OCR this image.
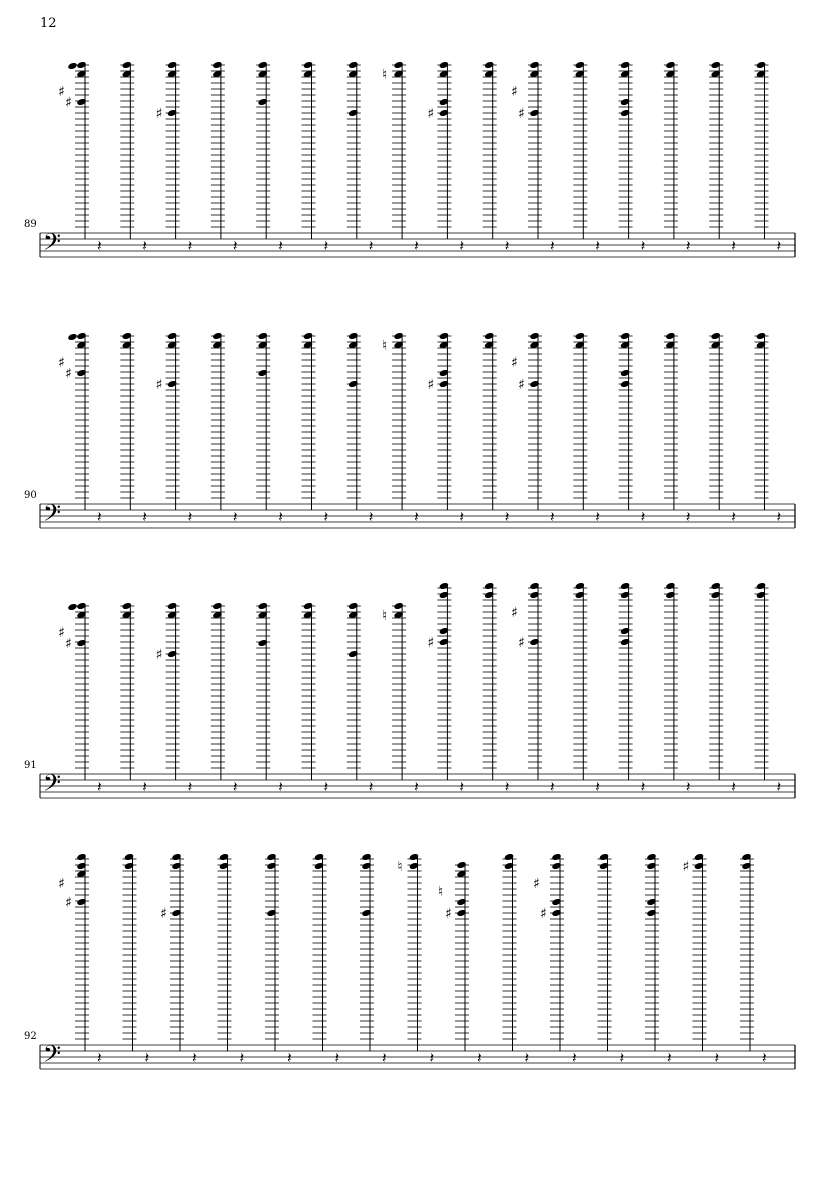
12
𝄢
89
♯
♯
𝄽	𝄽
♯
𝄽	𝄽	𝄽	𝄽	𝄽
♮
𝄽
♯
𝄽	𝄽
♯
♯
𝄽	𝄽	𝄽	𝄽	𝄽	𝄽
𝄢
90
♯
♯
𝄽	𝄽
♯
𝄽	𝄽	𝄽	𝄽	𝄽
♮
𝄽
♯
𝄽	𝄽
♯
♯
𝄽	𝄽	𝄽	𝄽	𝄽	𝄽
𝄢
91
♯
♯
𝄽	𝄽
♯
𝄽	𝄽	𝄽	𝄽	𝄽
♮
𝄽
♯
𝄽	𝄽
♯
♯
𝄽	𝄽	𝄽	𝄽	𝄽	𝄽
𝄢
92
♯
♯
𝄽	𝄽
♯
𝄽	𝄽	𝄽	𝄽	𝄽
♮
𝄽
♯
♮
𝄽	𝄽
♯
♯
𝄽	𝄽	𝄽
♯
𝄽	𝄽
